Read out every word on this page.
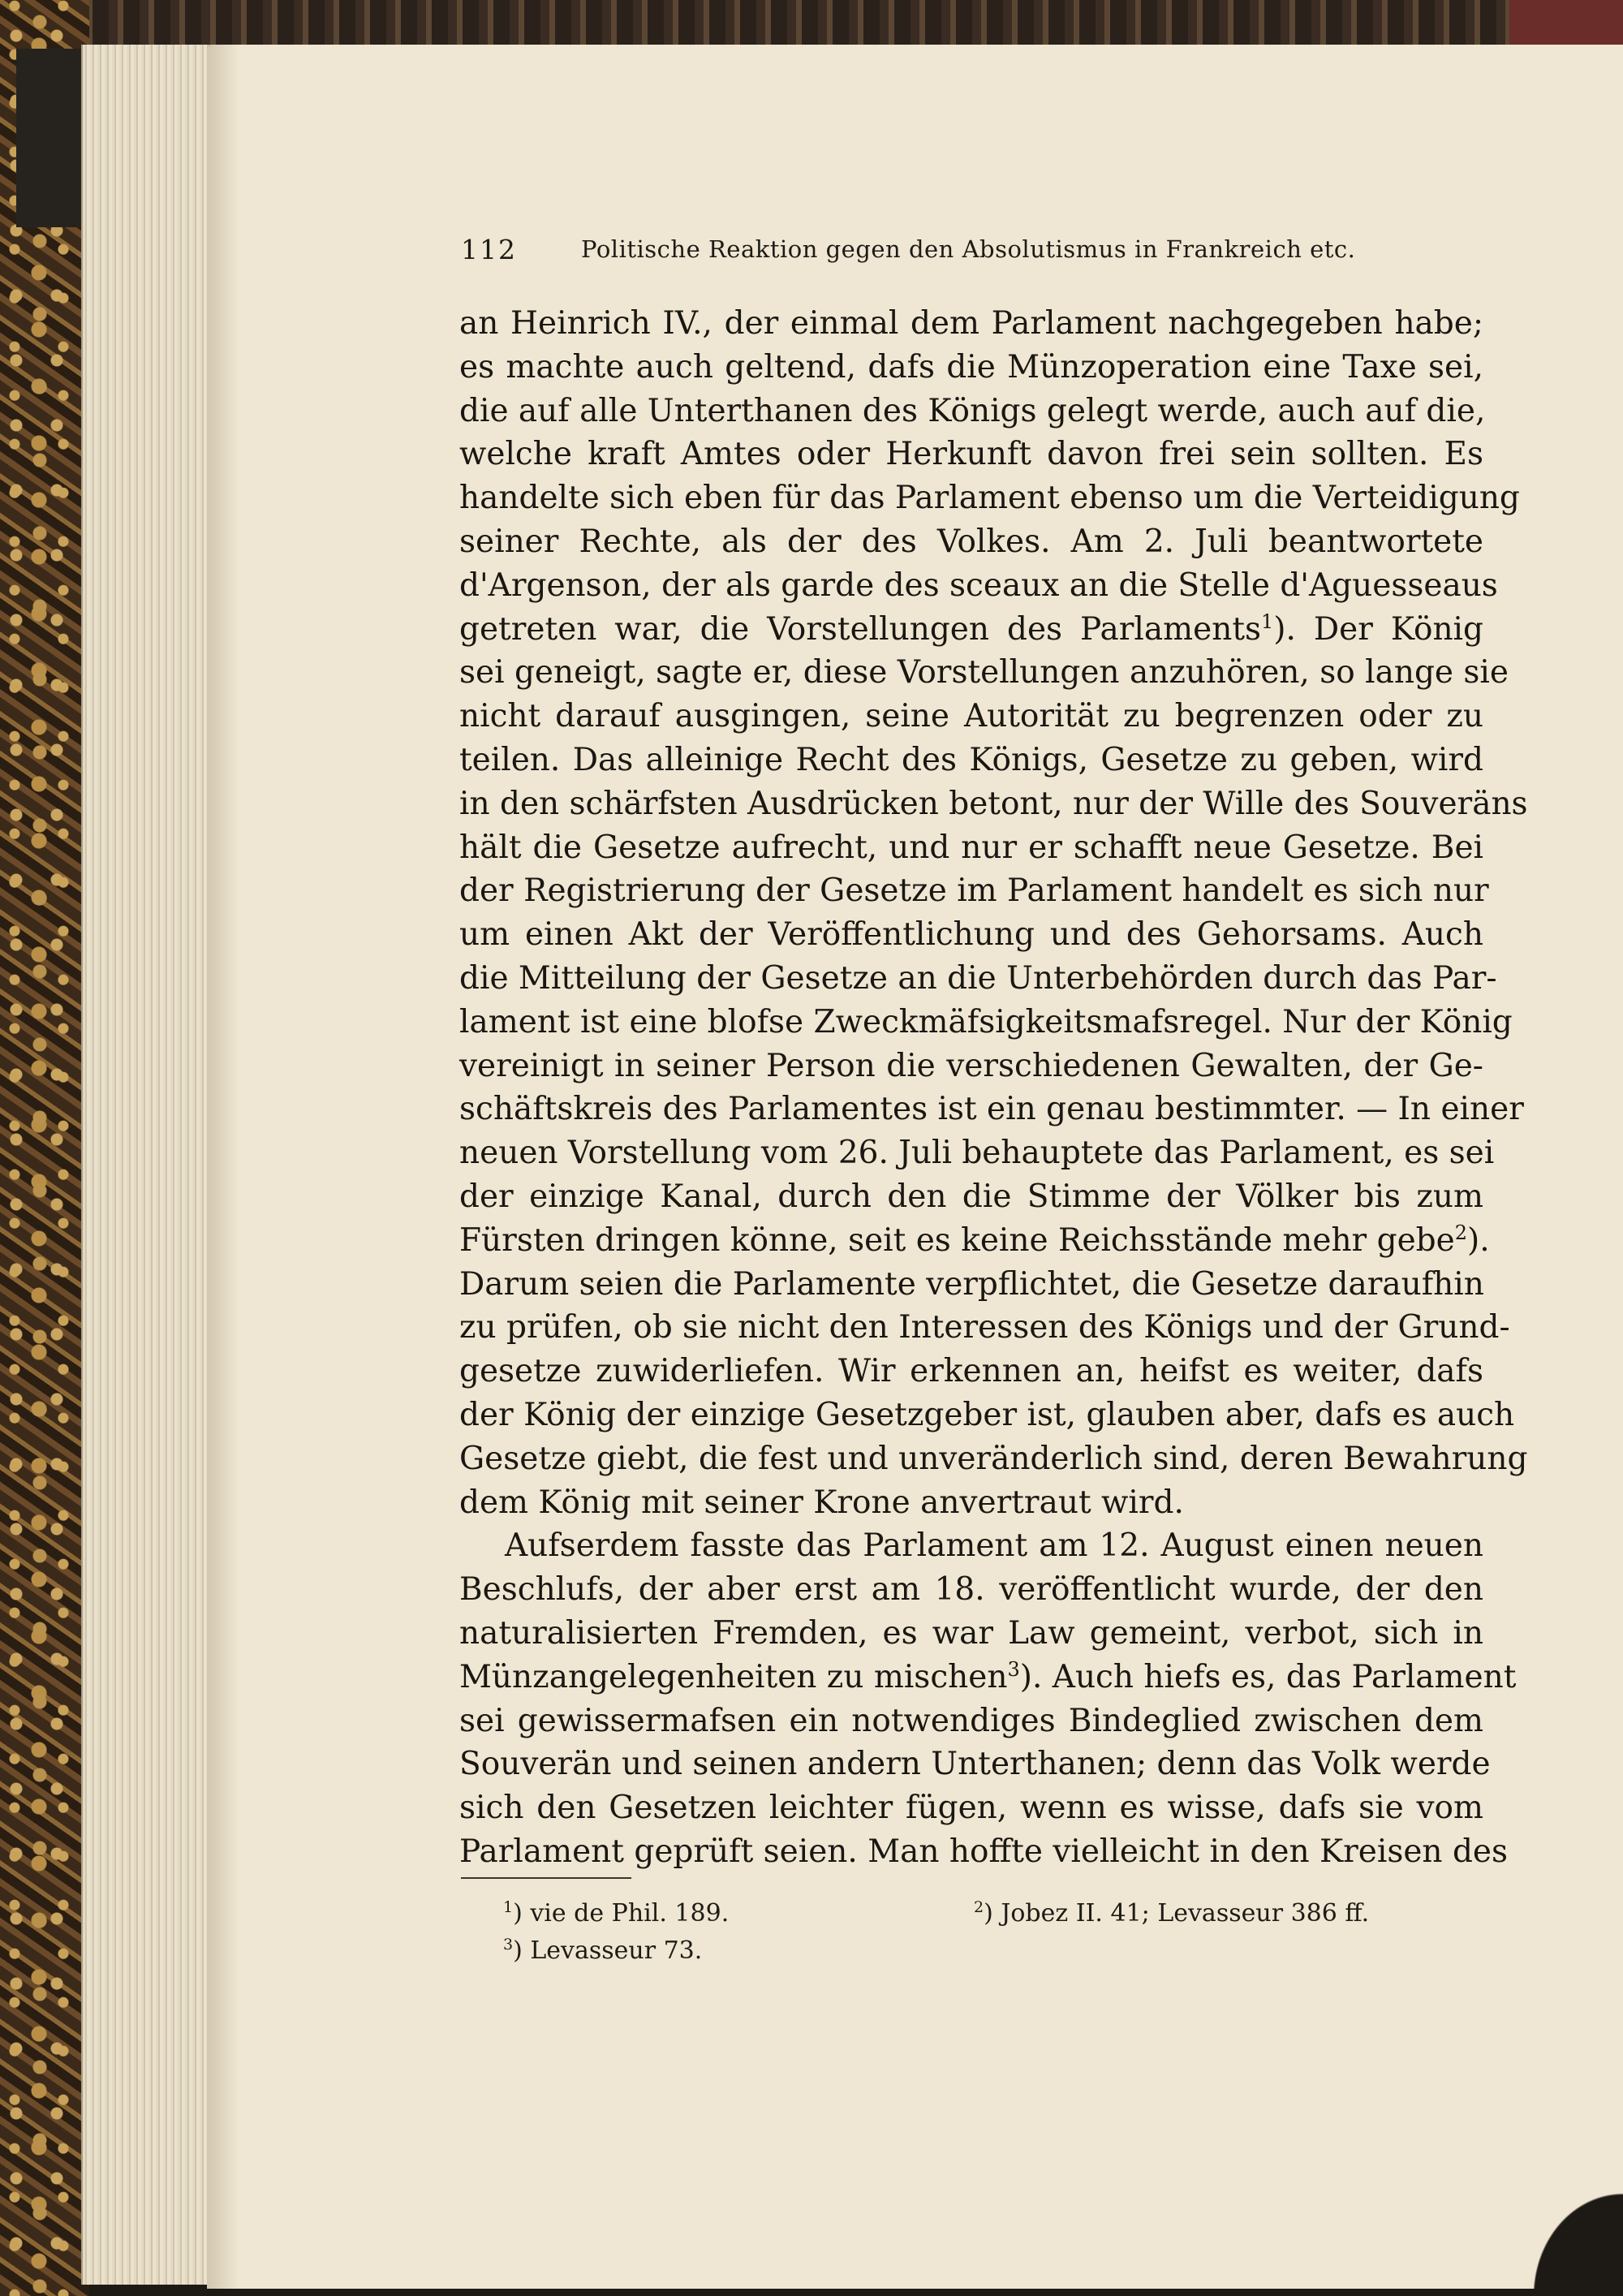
112	Politische Reaktion gegen den Absolutismus in Frankreich etc.
an Heinrich IV., der einmal dem Parlament nachgegeben habe;
es machte auch geltend, dafs die Münzoperation eine Taxe sei,
die auf alle Unterthanen des Königs gelegt werde, auch auf die,
welche kraft Amtes oder Herkunft davon frei sein sollten. Es
handelte sich eben für das Parlament ebenso um die Verteidigung
seiner Rechte, als der des Volkes. Am 2. Juli beantwortete
d'Argenson, der als garde des sceaux an die Stelle d'Aguesseaus
getreten war, die Vorstellungen des Parlaments$^1$). Der König
sei geneigt, sagte er, diese Vorstellungen anzuhören, so lange sie
nicht darauf ausgingen, seine Autorität zu begrenzen oder zu
teilen. Das alleinige Recht des Königs, Gesetze zu geben, wird
in den schärfsten Ausdrücken betont, nur der Wille des Souveräns
hält die Gesetze aufrecht, und nur er schafft neue Gesetze. Bei
der Registrierung der Gesetze im Parlament handelt es sich nur
um einen Akt der Veröffentlichung und des Gehorsams. Auch
die Mitteilung der Gesetze an die Unterbehörden durch das Par-
lament ist eine blofse Zweckmäfsigkeitsmafsregel. Nur der König
vereinigt in seiner Person die verschiedenen Gewalten, der Ge-
schäftskreis des Parlamentes ist ein genau bestimmter. — In einer
neuen Vorstellung vom 26. Juli behauptete das Parlament, es sei
der einzige Kanal, durch den die Stimme der Völker bis zum
Fürsten dringen könne, seit es keine Reichsstände mehr gebe$^2$).
Darum seien die Parlamente verpflichtet, die Gesetze daraufhin
zu prüfen, ob sie nicht den Interessen des Königs und der Grund-
gesetze zuwiderliefen. Wir erkennen an, heifst es weiter, dafs
der König der einzige Gesetzgeber ist, glauben aber, dafs es auch
Gesetze giebt, die fest und unveränderlich sind, deren Bewahrung
dem König mit seiner Krone anvertraut wird.
Aufserdem fasste das Parlament am 12. August einen neuen
Beschlufs, der aber erst am 18. veröffentlicht wurde, der den
naturalisierten Fremden, es war Law gemeint, verbot, sich in
Münzangelegenheiten zu mischen$^3$). Auch hiefs es, das Parlament
sei gewissermafsen ein notwendiges Bindeglied zwischen dem
Souverän und seinen andern Unterthanen; denn das Volk werde
sich den Gesetzen leichter fügen, wenn es wisse, dafs sie vom
Parlament geprüft seien. Man hoffte vielleicht in den Kreisen des
$^1$) vie de Phil. 189.	$^2$) Jobez II. 41; Levasseur 386 ff.
$^3$) Levasseur 73.
